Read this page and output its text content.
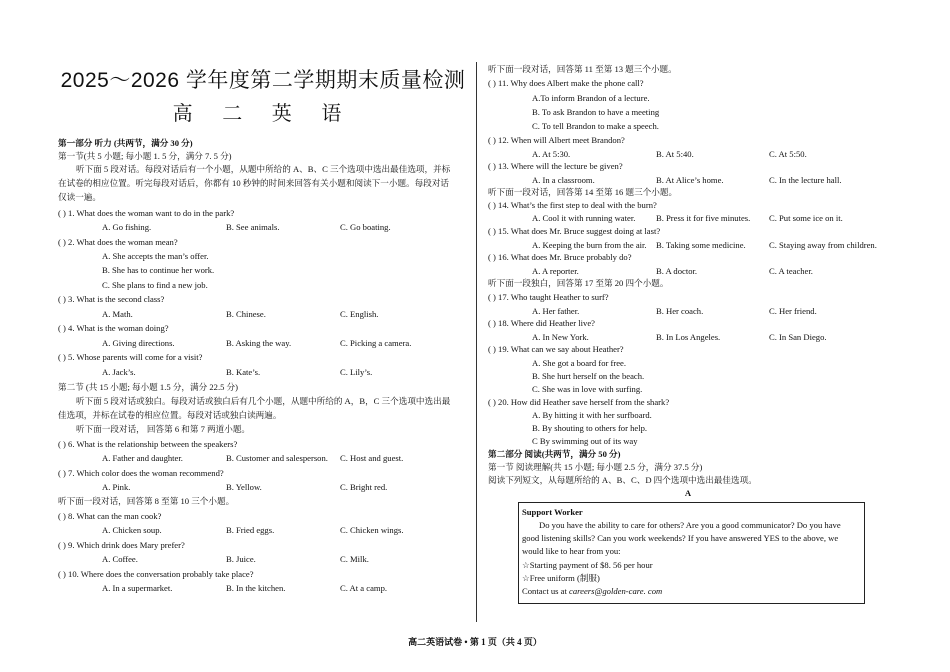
2025～2026 学年度第二学期期末质量检测
高 二 英 语
第一部分 听力 (共两节，满分 30 分)
第一节(共 5 小题; 每小题 1. 5 分，满分 7. 5 分)
听下面 5 段对话。每段对话后有一个小题，从题中所给的 A、B、C 三个选项中选出最佳选项，并标
在试卷的相应位置。听完每段对话后，你都有 10 秒钟的时间来回答有关小题和阅读下一小题。每段对话
仅读一遍。
( ) 1. What does the woman want to do in the park?
A. Go fishing.	B. See animals.	C. Go boating.
( ) 2. What does the woman mean?
A. She accepts the man’s offer.
B. She has to continue her work.
C. She plans to find a new job.
( ) 3. What is the second class?
A. Math.	B. Chinese.	C. English.
( ) 4. What is the woman doing?
A. Giving directions.	B. Asking the way.	C. Picking a camera.
( ) 5. Whose parents will come for a visit?
A. Jack’s.	B. Kate’s.	C. Lily’s.
第二节 (共 15 小题; 每小题 1.5 分，满分 22.5 分)
听下面 5 段对话或独白。每段对话或独白后有几个小题，从题中所给的 A，B，C 三个选项中选出最
佳选项，并标在试卷的相应位置。每段对话或独白读两遍。
听下面一段对话， 回答第 6 和第 7 两道小题。
( ) 6. What is the relationship between the speakers?
A. Father and daughter.	B. Customer and salesperson. C. Host and guest.
( ) 7. Which color does the woman recommend?
A. Pink.	B. Yellow.	C. Bright red.
听下面一段对话，回答第 8 至第 10 三个小题。
( ) 8. What can the man cook?
A. Chicken soup.	B. Fried eggs.	C. Chicken wings.
( ) 9. Which drink does Mary prefer?
A. Coffee.	B. Juice.	C. Milk.
( ) 10. Where does the conversation probably take place?
A. In a supermarket.	B. In the kitchen.	C. At a camp.
听下面一段对话，回答第 11 至第 13 题三个小题。
( ) 11. Why does Albert make the phone call?
A.To inform Brandon of a lecture.
B. To ask Brandon to have a meeting
C. To tell Brandon to make a speech.
( ) 12. When will Albert meet Brandon?
A. At 5:30.	B. At 5:40.	C. At 5:50.
( ) 13. Where will the lecture be given?
A. In a classroom.	B. At Alice’s home.	C. In the lecture hall.
听下面一段对话，回答第 14 至第 16 题三个小题。
( ) 14. What’s the first step to deal with the burn?
A. Cool it with running water. B. Press it for five minutes. C. Put some ice on it.
( ) 15. What does Mr. Bruce suggest doing at last?
A. Keeping the burn from the air. B. Taking some medicine.	C. Staying away from children.
( ) 16. What does Mr. Bruce probably do?
A. A reporter.	B. A doctor.	C. A teacher.
听下面一段独白，回答第 17 至第 20 四个小题。
( ) 17. Who taught Heather to surf?
A. Her father.	B. Her coach.	C. Her friend.
( ) 18. Where did Heather live?
A. In New York.	B. In Los Angeles.	C. In San Diego.
( ) 19. What can we say about Heather?
A. She got a board for free.
B. She hurt herself on the beach.
C. She was in love with surfing.
( ) 20. How did Heather save herself from the shark?
A. By hitting it with her surfboard.
B. By shouting to others for help.
C By swimming out of its way
第二部分 阅读(共两节，满分 50 分)
第一节 阅读理解(共 15 小题; 每小题 2.5 分，满分 37.5 分)
阅读下列短文，从每题所给的 A、B、C、D 四个选项中选出最佳选项。
A
Support Worker
Do you have the ability to care for others? Are you a good communicator? Do you have
good listening skills? Can you work weekends? If you have answered YES to the above, we
would like to hear from you:
☆Starting payment of $8. 56 per hour
☆Free uniform (制服)
Contact us at careers@golden-care. com
高二英语试卷 • 第 1 页（共 4 页）
